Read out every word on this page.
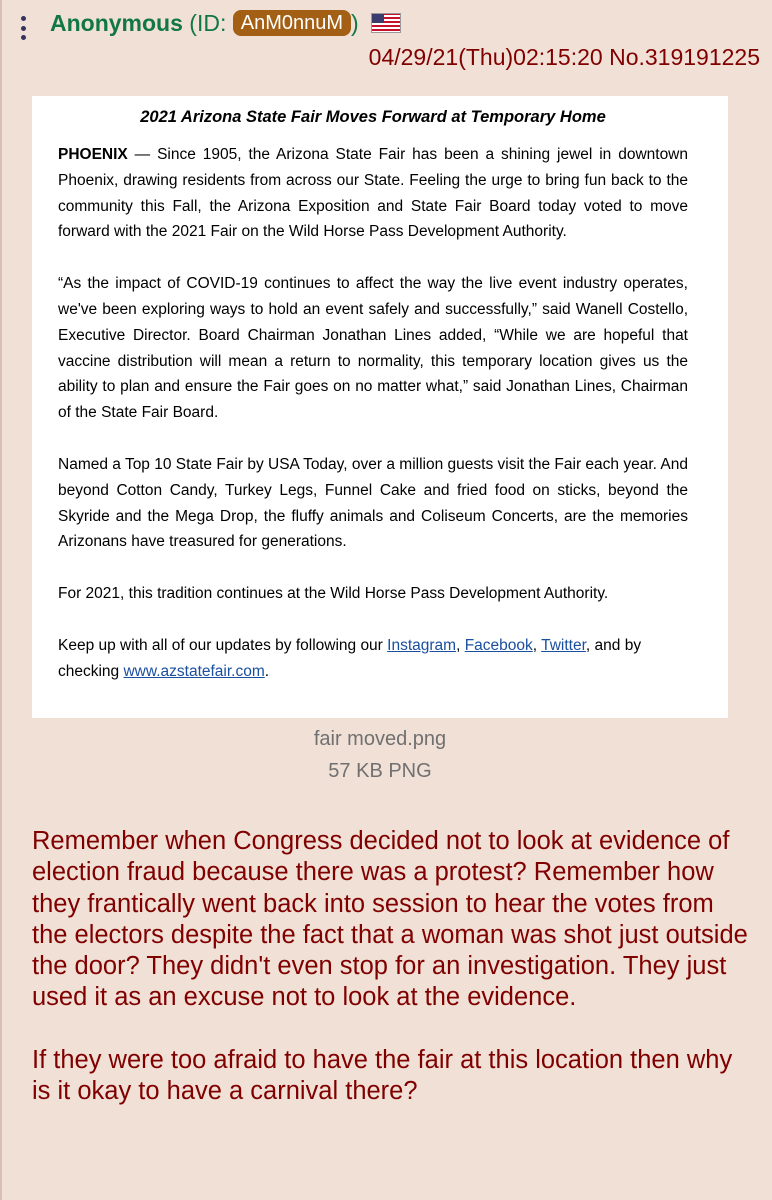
Anonymous (ID: AnM0nnuM )
04/29/21(Thu)02:15:20 No.319191225
2021 Arizona State Fair Moves Forward at Temporary Home

PHOENIX — Since 1905, the Arizona State Fair has been a shining jewel in downtown Phoenix, drawing residents from across our State. Feeling the urge to bring fun back to the community this Fall, the Arizona Exposition and State Fair Board today voted to move forward with the 2021 Fair on the Wild Horse Pass Development Authority.

“As the impact of COVID-19 continues to affect the way the live event industry operates, we've been exploring ways to hold an event safely and successfully,” said Wanell Costello, Executive Director. Board Chairman Jonathan Lines added, “While we are hopeful that vaccine distribution will mean a return to normality, this temporary location gives us the ability to plan and ensure the Fair goes on no matter what,” said Jonathan Lines, Chairman of the State Fair Board.

Named a Top 10 State Fair by USA Today, over a million guests visit the Fair each year. And beyond Cotton Candy, Turkey Legs, Funnel Cake and fried food on sticks, beyond the Skyride and the Mega Drop, the fluffy animals and Coliseum Concerts, are the memories Arizonans have treasured for generations.

For 2021, this tradition continues at the Wild Horse Pass Development Authority.

Keep up with all of our updates by following our Instagram, Facebook, Twitter, and by checking www.azstatefair.com.

fair moved.png
57 KB PNG

Remember when Congress decided not to look at evidence of election fraud because there was a protest? Remember how they frantically went back into session to hear the votes from the electors despite the fact that a woman was shot just outside the door? They didn't even stop for an investigation. They just used it as an excuse not to look at the evidence.

If they were too afraid to have the fair at this location then why is it okay to have a carnival there?
